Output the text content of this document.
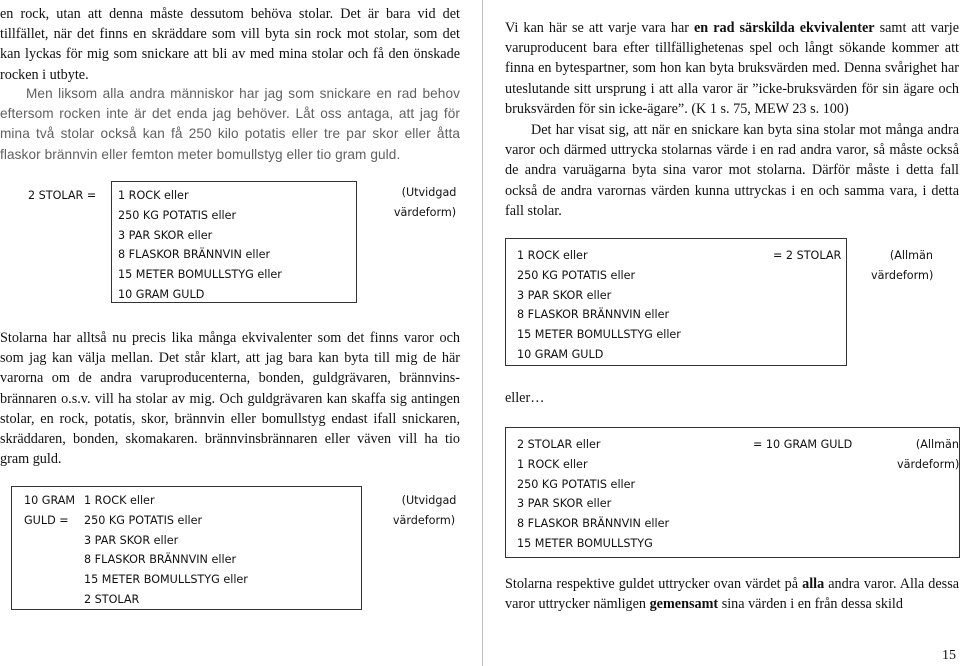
en rock, utan att denna måste dessutom behöva stolar. Det är bara vid det tillfället, när det finns en skräddare som vill byta sin rock mot stolar, som det kan lyckas för mig som snickare att bli av med mina stolar och få den önskade rocken i utbyte.

Men liksom alla andra människor har jag som snickare en rad behov eftersom rocken inte är det enda jag behöver. Låt oss antaga, att jag för mina två stolar också kan få 250 kilo potatis eller tre par skor eller åtta flaskor brännvin eller femton meter bomullstyg eller tio gram guld.

2 STOLAR = 1 ROCK eller
250 KG POTATIS eller
3 PAR SKOR eller
8 FLASKOR BRÄNNVIN eller
15 METER BOMULLSTYG eller
10 GRAM GULD
(Utvidgad
värdeform)

Stolarna har alltså nu precis lika många ekvivalenter som det finns varor och som jag kan välja mellan. Det står klart, att jag bara kan byta till mig de här varorna om de andra varuproducenterna, bonden, guldgrävaren, brännvinsbrännaren o.s.v. vill ha stolar av mig. Och guldgrävaren kan skaffa sig antingen stolar, en rock, potatis, skor, brännvin eller bomullstyg endast ifall snickaren, skräddaren, bonden, skomakaren. brännvinsbrännaren eller väven vill ha tio gram guld.

10 GRAM
GULD =
1 ROCK eller
250 KG POTATIS eller
3 PAR SKOR eller
8 FLASKOR BRÄNNVIN eller
15 METER BOMULLSTYG eller
2 STOLAR
(Utvidgad
värdeform)

Vi kan här se att varje vara har en rad särskilda ekvivalenter samt att varje varuproducent bara efter tillfällighetenas spel och långt sökande kommer att finna en bytespartner, som hon kan byta bruksvärden med. Denna svårighet har uteslutande sitt ursprung i att alla varor är ”icke-bruksvärden för sin ägare och bruksvärden för sin icke-ägare”. (K 1 s. 75, MEW 23 s. 100)

Det har visat sig, att när en snickare kan byta sina stolar mot många andra varor och därmed uttrycka stolarnas värde i en rad andra varor, så måste också de andra varuägarna byta sina varor mot stolarna. Därför måste i detta fall också de andra varornas värden kunna uttryckas i en och samma vara, i detta fall stolar.

1 ROCK eller
250 KG POTATIS eller
3 PAR SKOR eller
8 FLASKOR BRÄNNVIN eller
15 METER BOMULLSTYG eller
10 GRAM GULD
= 2 STOLAR	(Allmän
värdeform)
eller…
2 STOLAR eller
1 ROCK eller
250 KG POTATIS eller
3 PAR SKOR eller
8 FLASKOR BRÄNNVIN eller
15 METER BOMULLSTYG
= 10 GRAM GULD	(Allmän
värdeform)

Stolarna respektive guldet uttrycker ovan värdet på alla andra varor. Alla dessa varor uttrycker nämligen gemensamt sina värden i en från dessa skild

15
